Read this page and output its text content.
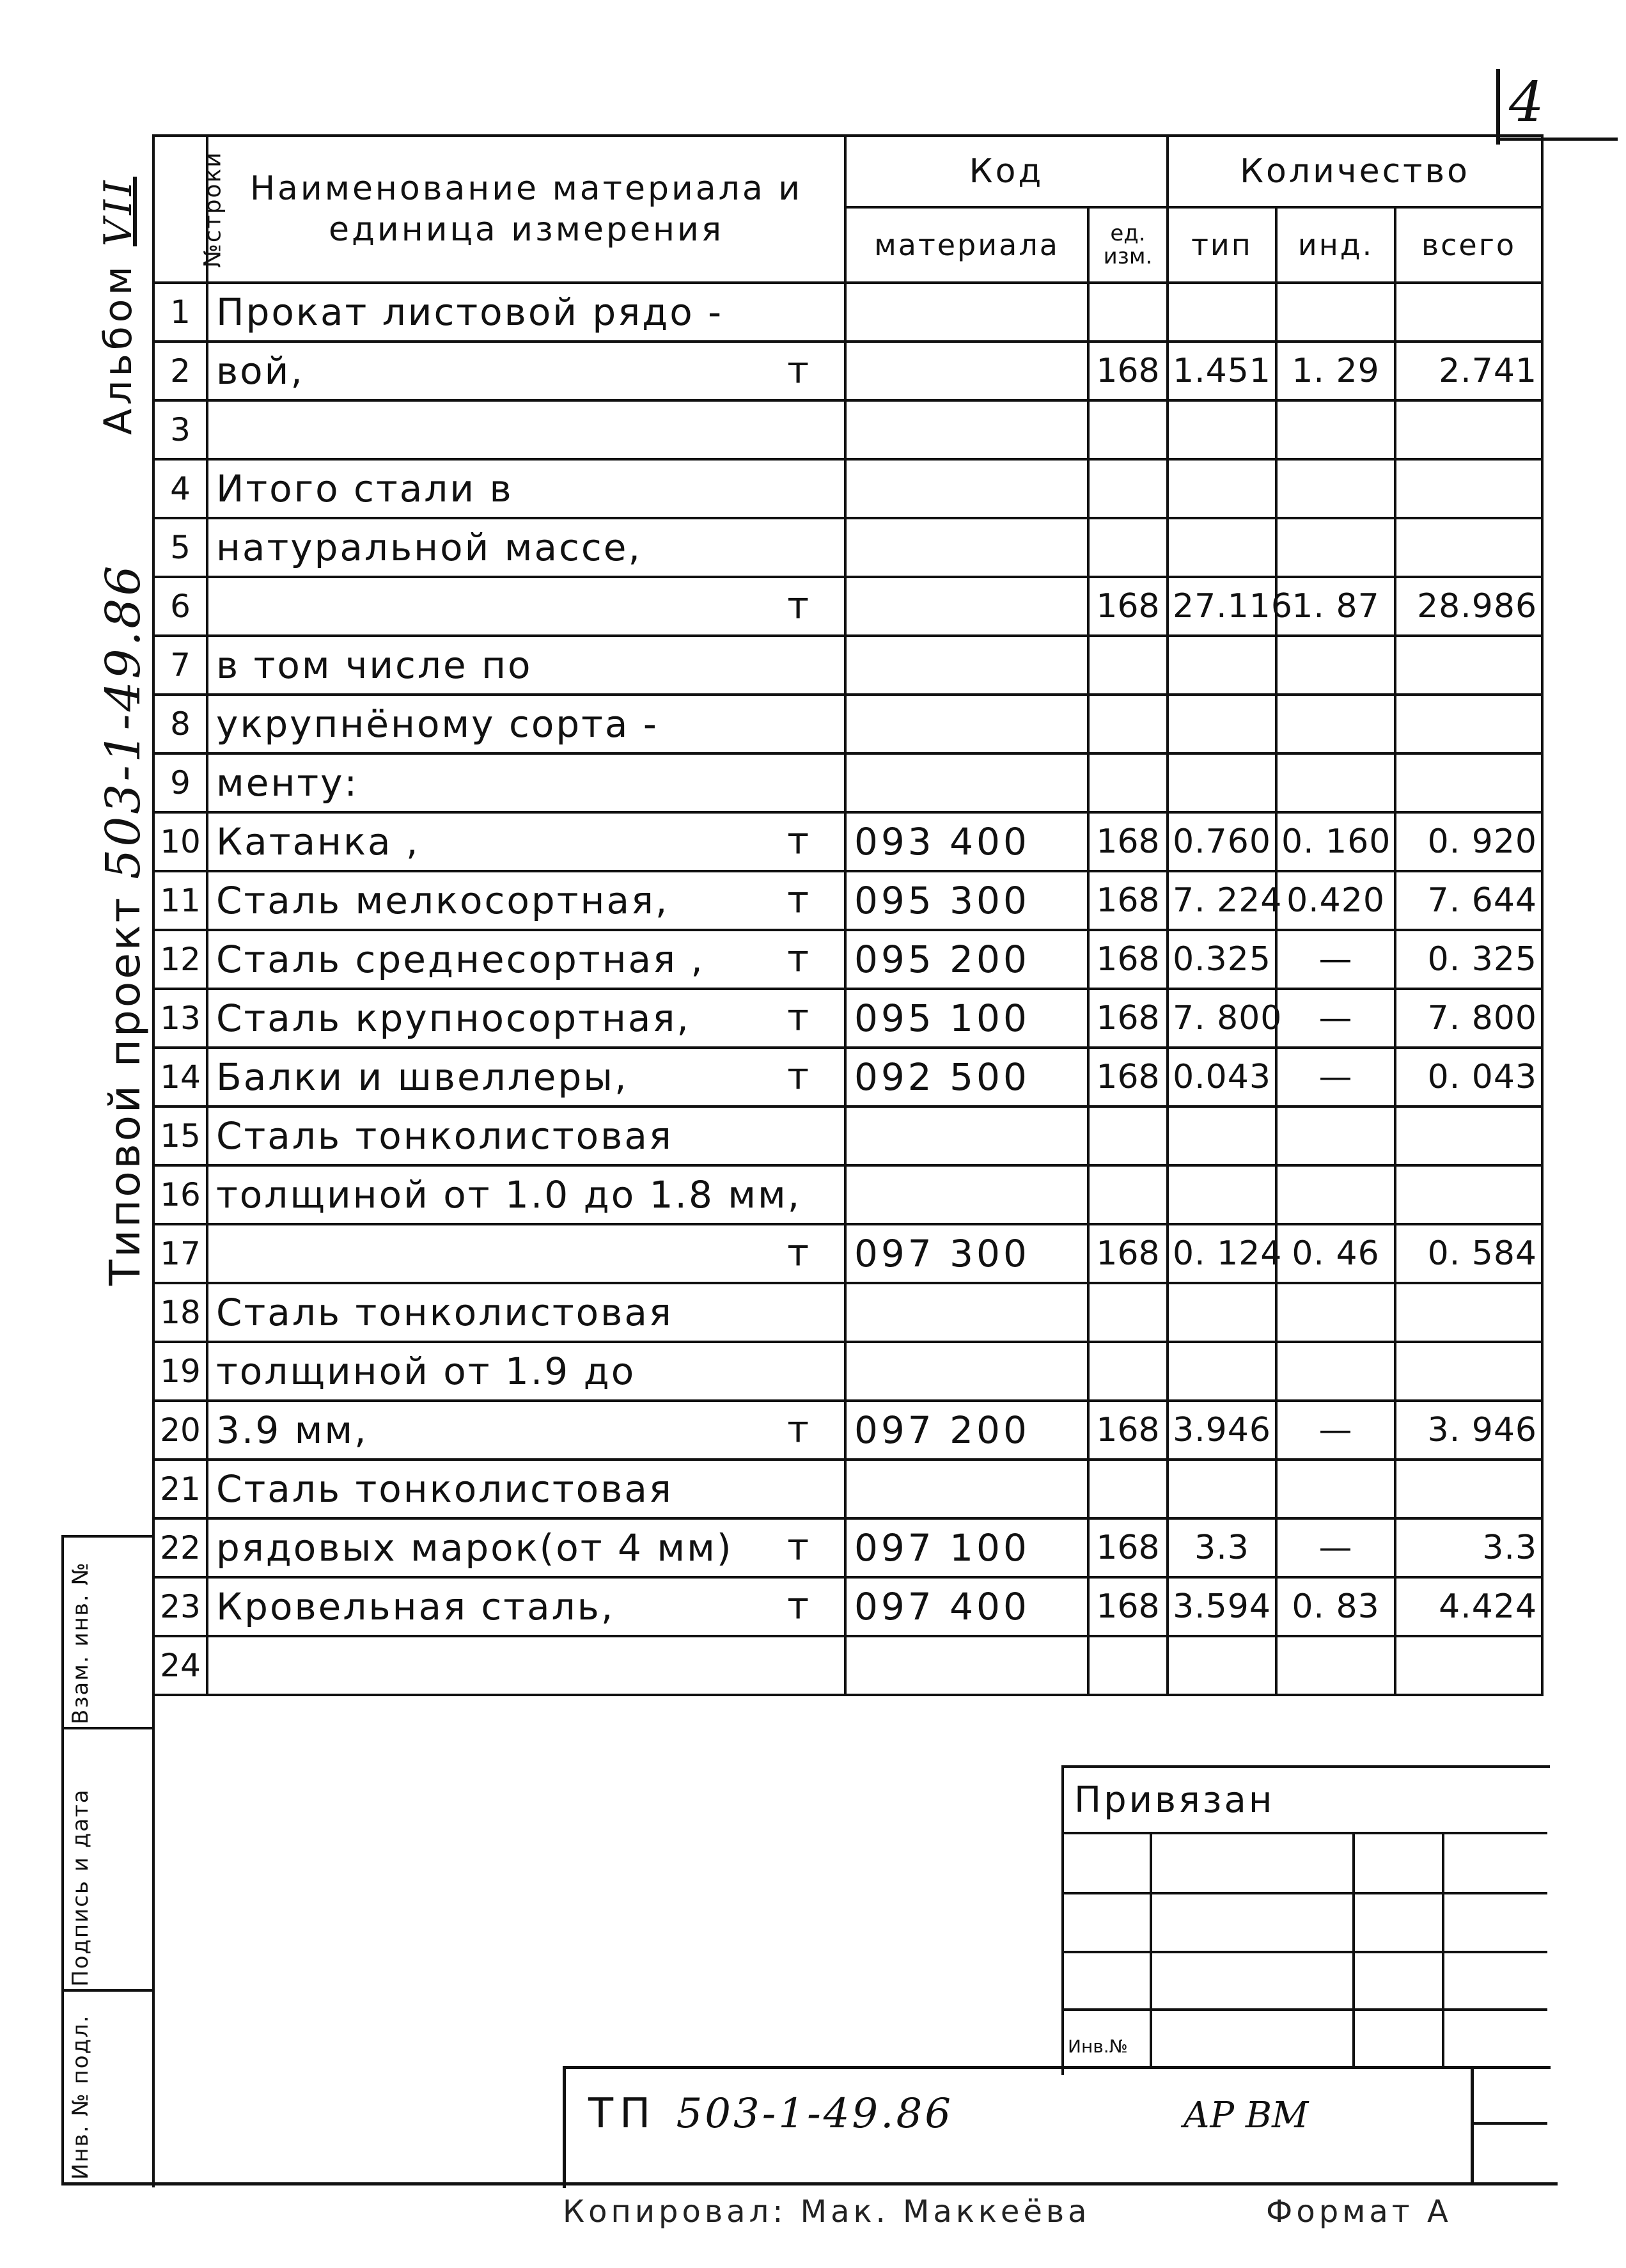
4
Альбом VII
Типовой проект 503-1-49.86
№строки	Наименование материала и единица измерения	Код		Количество		
		материала	ед. изм.	тип	инд.	всего
1	Прокат листовой рядо -

2	вой, т		168	1.451	1. 29	2.741
3	

4	Итого стали в

5	натуральной массе,

6	т		168	27.116	1. 87	28.986
7	в том числе по

8	укрупнёному сорта -

9	менту:

10	Катанка , т	093 400	168	0.760	0. 160	0. 920
11	Сталь мелкосортная, т	095 300	168	7. 224	0.420	7. 644
12	Сталь среднесортная , т	095 200	168	0.325	—	0. 325
13	Сталь крупносортная, т	095 100	168	7. 800	—	7. 800
14	Балки и швеллеры, т	092 500	168	0.043	—	0. 043
15	Сталь тонколистовая

16	толщиной от 1.0 до 1.8 мм,

17	т	097 300	168	0. 124	0. 46	0. 584
18	Сталь тонколистовая

19	толщиной от 1.9 до

20	3.9 мм, т	097 200	168	3.946	—	3. 946
21	Сталь тонколистовая

22	рядовых марок(от 4 мм) т	097 100	168	3.3	—	3.3
23	Кровельная сталь, т	097 400	168	3.594	0. 83	4.424
24	

Взам. инв. №
Подпись и дата
Инв. № подл.
Привязан
Инв.№
ТП 503-1-49.86	АР ВМ
Копировал: Мак. Маккеёва	Формат А
